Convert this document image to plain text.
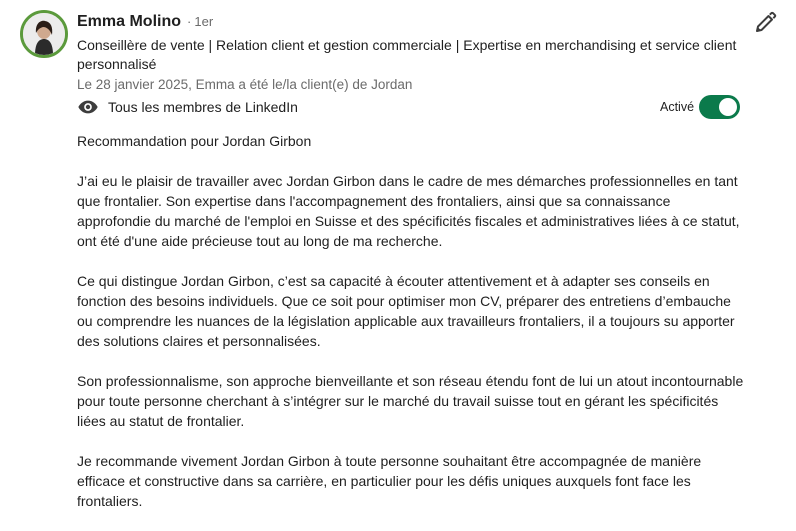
Emma Molino · 1er
Conseillère de vente | Relation client et gestion commerciale | Expertise en merchandising et service client personnalisé
Le 28 janvier 2025, Emma a été le/la client(e) de Jordan
Tous les membres de LinkedIn	Activé

Recommandation pour Jordan Girbon

J’ai eu le plaisir de travailler avec Jordan Girbon dans le cadre de mes démarches professionnelles en tant que frontalier. Son expertise dans l'accompagnement des frontaliers, ainsi que sa connaissance approfondie du marché de l'emploi en Suisse et des spécificités fiscales et administratives liées à ce statut, ont été d'une aide précieuse tout au long de ma recherche.

Ce qui distingue Jordan Girbon, c’est sa capacité à écouter attentivement et à adapter ses conseils en fonction des besoins individuels. Que ce soit pour optimiser mon CV, préparer des entretiens d’embauche ou comprendre les nuances de la législation applicable aux travailleurs frontaliers, il a toujours su apporter des solutions claires et personnalisées.

Son professionnalisme, son approche bienveillante et son réseau étendu font de lui un atout incontournable pour toute personne cherchant à s’intégrer sur le marché du travail suisse tout en gérant les spécificités liées au statut de frontalier.

Je recommande vivement Jordan Girbon à toute personne souhaitant être accompagnée de manière efficace et constructive dans sa carrière, en particulier pour les défis uniques auxquels font face les frontaliers.
